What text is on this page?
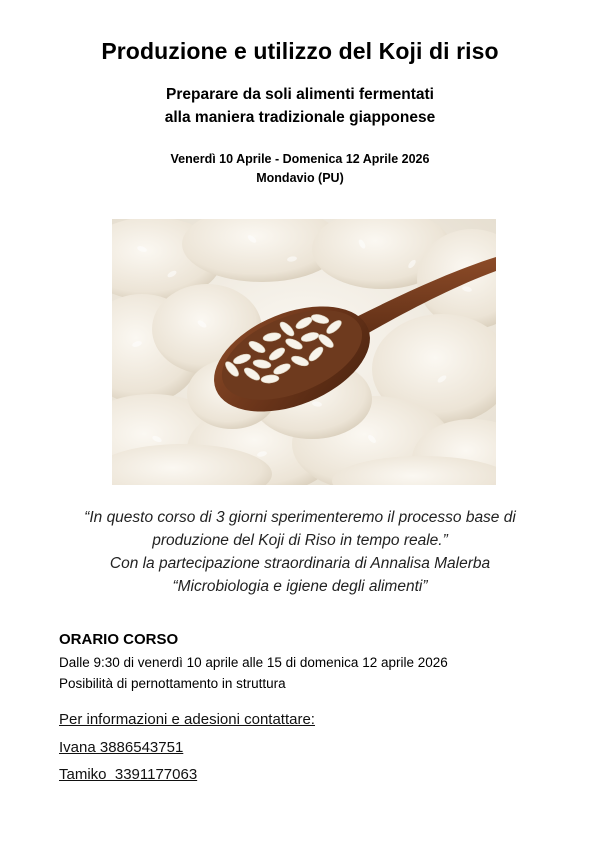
Produzione e utilizzo del Koji di riso
Preparare da soli alimenti fermentati
alla maniera tradizionale giapponese
Venerdì 10 Aprile - Domenica 12 Aprile 2026
Mondavio (PU)
“In questo corso di 3 giorni sperimenteremo il processo base di
produzione del Koji di Riso in tempo reale.”
Con la partecipazione straordinaria di Annalisa Malerba
“Microbiologia e igiene degli alimenti”
ORARIO CORSO
Dalle 9:30 di venerdì 10 aprile alle 15 di domenica 12 aprile 2026
Posibilità di pernottamento in struttura
Per informazioni e adesioni contattare:
Ivana 3886543751
Tamiko  3391177063
